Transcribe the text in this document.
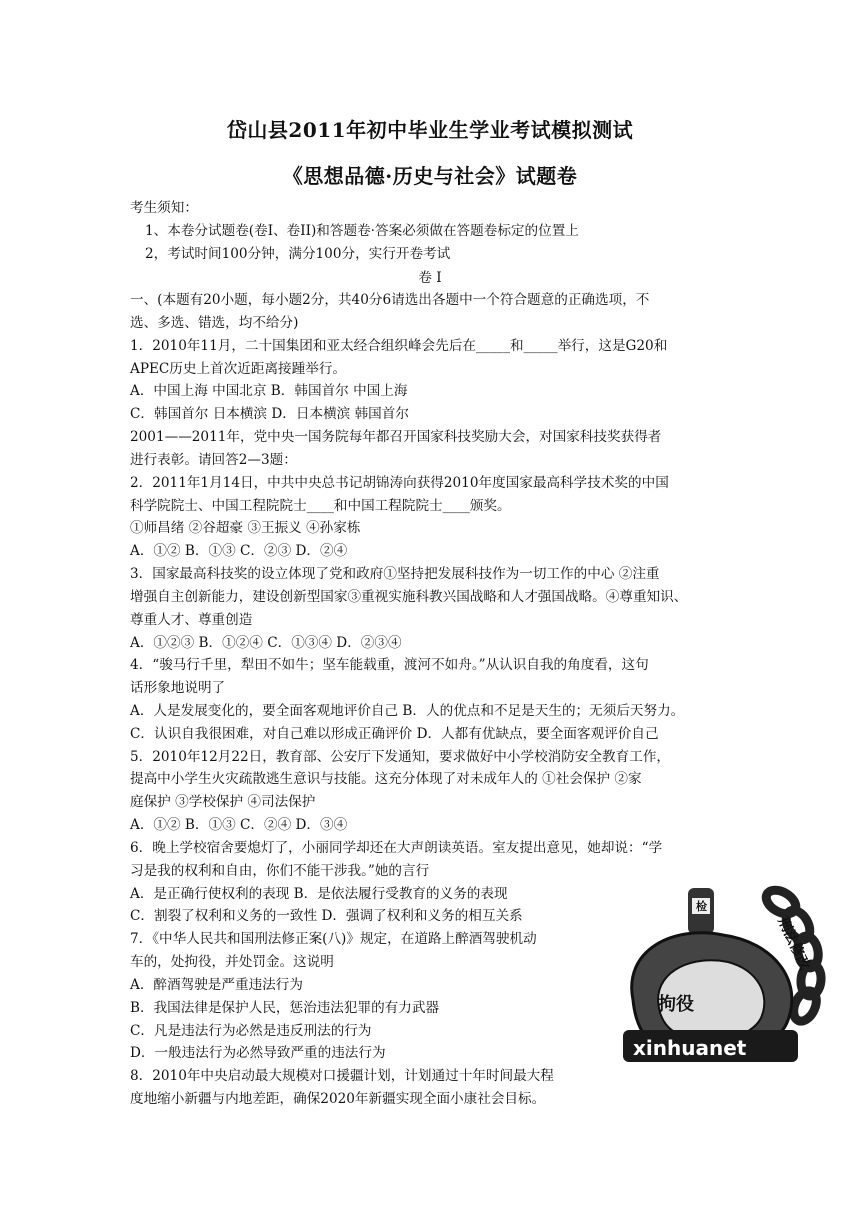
岱山县2011年初中毕业生学业考试模拟测试
《思想品德·历史与社会》试题卷
考生须知：
1、本卷分试题卷(卷I、卷II)和答题卷·答案必须做在答题卷标定的位置上
2，考试时间100分钟，满分100分，实行开卷考试
卷 I
一、(本题有20小题，每小题2分，共40分6请选出各题中一个符合题意的正确选项，不
选、多选、错选，均不给分)
1．2010年11月，二十国集团和亚太经合组织峰会先后在_____和_____举行，这是G20和
APEC历史上首次近距离接踵举行。
A．中国上海 中国北京 B．韩国首尔 中国上海
C．韩国首尔 日本横滨 D．日本横滨 韩国首尔
2001——2011年，党中央一国务院每年都召开国家科技奖励大会，对国家科技奖获得者
进行表彰。请回答2—3题：
2．2011年1月14日，中共中央总书记胡锦涛向获得2010年度国家最高科学技术奖的中国
科学院院士、中国工程院院士____和中国工程院院士____颁奖。
①师昌绪 ②谷超豪 ③王振义 ④孙家栋
A．①② B．①③ C．②③ D．②④
3．国家最高科技奖的设立体现了党和政府①坚持把发展科技作为一切工作的中心 ②注重
增强自主创新能力，建设创新型国家③重视实施科教兴国战略和人才强国战略。④尊重知识、
尊重人才、尊重创造
A．①②③ B．①②④ C．①③④ D．②③④
4．“骏马行千里，犁田不如牛；坚车能载重，渡河不如舟。”从认识自我的角度看，这句
话形象地说明了
A．人是发展变化的，要全面客观地评价自己 B．人的优点和不足是天生的；无须后天努力。
C．认识自我很困难，对自己难以形成正确评价 D．人都有优缺点，要全面客观评价自己
5．2010年12月22日，教育部、公安厅下发通知，要求做好中小学校消防安全教育工作，
提高中小学生火灾疏散逃生意识与技能。这充分体现了对未成年人的 ①社会保护 ②家
庭保护 ③学校保护 ④司法保护
A．①② B．①③ C．②④ D．③④
6．晚上学校宿舍要熄灯了，小丽同学却还在大声朗读英语。室友提出意见，她却说：“学
习是我的权利和自由，你们不能干涉我。”她的言行
A．是正确行使权利的表现 B．是依法履行受教育的义务的表现
C．割裂了权利和义务的一致性 D．强调了权利和义务的相互关系
7．《中华人民共和国刑法修正案(八)》规定，在道路上醉酒驾驶机动
车的，处拘役，并处罚金。这说明
A．醉酒驾驶是严重违法行为
B．我国法律是保护人民，惩治违法犯罪的有力武器
C．凡是违法行为必然是违反刑法的行为
D．一般违法行为必然导致严重的违法行为
8．2010年中央启动最大规模对口援疆计划，计划通过十年时间最大程
度地缩小新疆与内地差距，确保2020年新疆实现全面小康社会目标。
拘役
检
刑法修改
xinhuanet
